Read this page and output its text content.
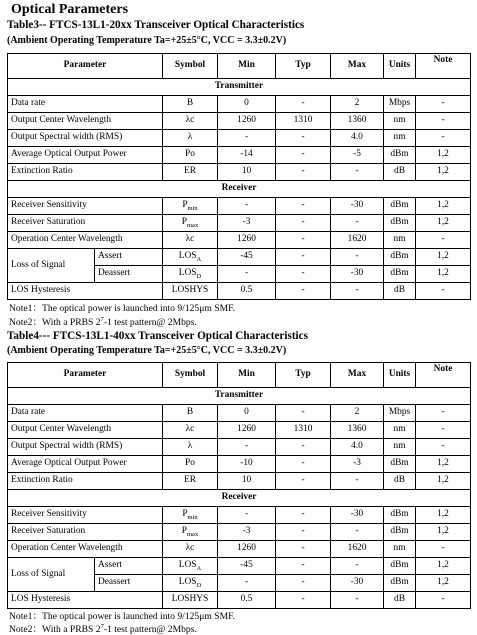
Optical Parameters
Table3-- FTCS-13L1-20xx Transceiver Optical Characteristics
(Ambient Operating Temperature Ta=+25±5°C, VCC = 3.3±0.2V)
Parameter		Symbol	Min	Typ	Max	Units	Note
Transmitter							
Data rate		B	0	-	2	Mbps	-
Output Center Wavelength		λc	1260	1310	1360	nm	-
Output Spectral width (RMS)		λ	-	-	4.0	nm	-
Average Optical Output Power		Po	-14	-	-5	dBm	1,2
Extinction Ratio		ER	10	-	-	dB	1,2
Receiver							
Receiver Sensitivity		$P_{min}$	-	-	-30	dBm	1,2
Receiver Saturation		$P_{max}$	-3	-	-	dBm	1,2
Operation Center Wavelength		λc	1260	-	1620	nm	-
Loss of Signal	Assert	$LOS_A$	-45	-	-	dBm	1,2
	Deassert	$LOS_D$	-	-	-30	dBm	1,2
LOS Hysteresis		LOSHYS	0.5	-	-	dB	-
Note1：The optical power is launched into 9/125μm SMF.
Note2：With a PRBS $2^7-1$ test pattern@ 2Mbps.
Table4--- FTCS-13L1-40xx Transceiver Optical Characteristics
(Ambient Operating Temperature Ta=+25±5°C, VCC = 3.3±0.2V)
Parameter		Symbol	Min	Typ	Max	Units	Note
Transmitter							
Data rate		B	0	-	2	Mbps	-
Output Center Wavelength		λc	1260	1310	1360	nm	-
Output Spectral width (RMS)		λ	-	-	4.0	nm	-
Average Optical Output Power		Po	-10	-	-3	dBm	1,2
Extinction Ratio		ER	10	-	-	dB	1,2
Receiver							
Receiver Sensitivity		$P_{min}$	-	-	-30	dBm	1,2
Receiver Saturation		$P_{max}$	-3	-	-	dBm	1,2
Operation Center Wavelength		λc	1260	-	1620	nm	-
Loss of Signal	Assert	$LOS_A$	-45	-	-	dBm	1,2
	Deassert	$LOS_D$	-	-	-30	dBm	1,2
LOS Hysteresis		LOSHYS	0.5	-	-	dB	-
Note1：The optical power is launched into 9/125μm SMF.
Note2：With a PRBS $2^7-1$ test pattern@ 2Mbps.
